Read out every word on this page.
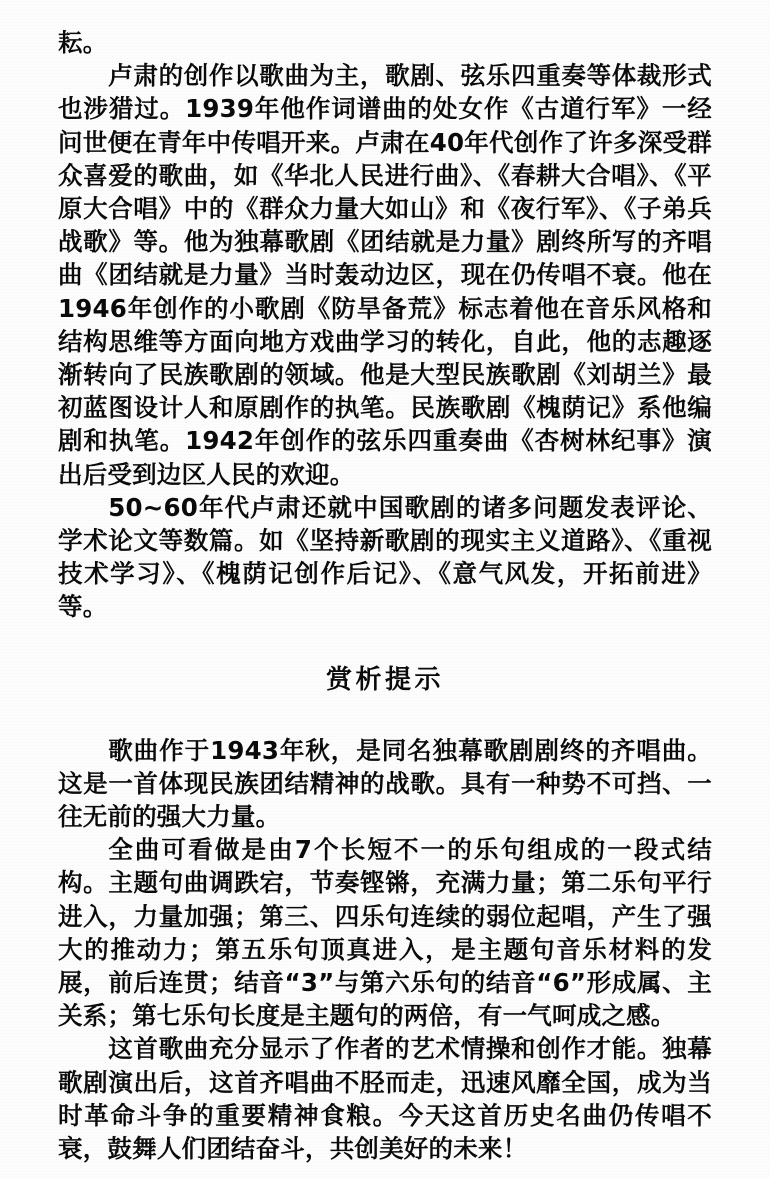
耘。

卢肃的创作以歌曲为主，歌剧、弦乐四重奏等体裁形式也涉猎过。1939年他作词谱曲的处女作《古道行军》一经问世便在青年中传唱开来。卢肃在40年代创作了许多深受群众喜爱的歌曲，如《华北人民进行曲》、《春耕大合唱》、《平原大合唱》中的《群众力量大如山》和《夜行军》、《子弟兵战歌》等。他为独幕歌剧《团结就是力量》剧终所写的齐唱曲《团结就是力量》当时轰动边区，现在仍传唱不衰。他在1946年创作的小歌剧《防旱备荒》标志着他在音乐风格和结构思维等方面向地方戏曲学习的转化，自此，他的志趣逐渐转向了民族歌剧的领域。他是大型民族歌剧《刘胡兰》最初蓝图设计人和原剧作的执笔。民族歌剧《槐荫记》系他编剧和执笔。1942年创作的弦乐四重奏曲《杏树林纪事》演出后受到边区人民的欢迎。

50~60年代卢肃还就中国歌剧的诸多问题发表评论、学术论文等数篇。如《坚持新歌剧的现实主义道路》、《重视技术学习》、《槐荫记创作后记》、《意气风发，开拓前进》等。

赏析提示

歌曲作于1943年秋，是同名独幕歌剧剧终的齐唱曲。这是一首体现民族团结精神的战歌。具有一种势不可挡、一往无前的强大力量。

全曲可看做是由7个长短不一的乐句组成的一段式结构。主题句曲调跌宕，节奏铿锵，充满力量；第二乐句平行进入，力量加强；第三、四乐句连续的弱位起唱，产生了强大的推动力；第五乐句顶真进入，是主题句音乐材料的发展，前后连贯；结音“3”与第六乐句的结音“6”形成属、主关系；第七乐句长度是主题句的两倍，有一气呵成之感。

这首歌曲充分显示了作者的艺术情操和创作才能。独幕歌剧演出后，这首齐唱曲不胫而走，迅速风靡全国，成为当时革命斗争的重要精神食粮。今天这首历史名曲仍传唱不衰，鼓舞人们团结奋斗，共创美好的未来！
